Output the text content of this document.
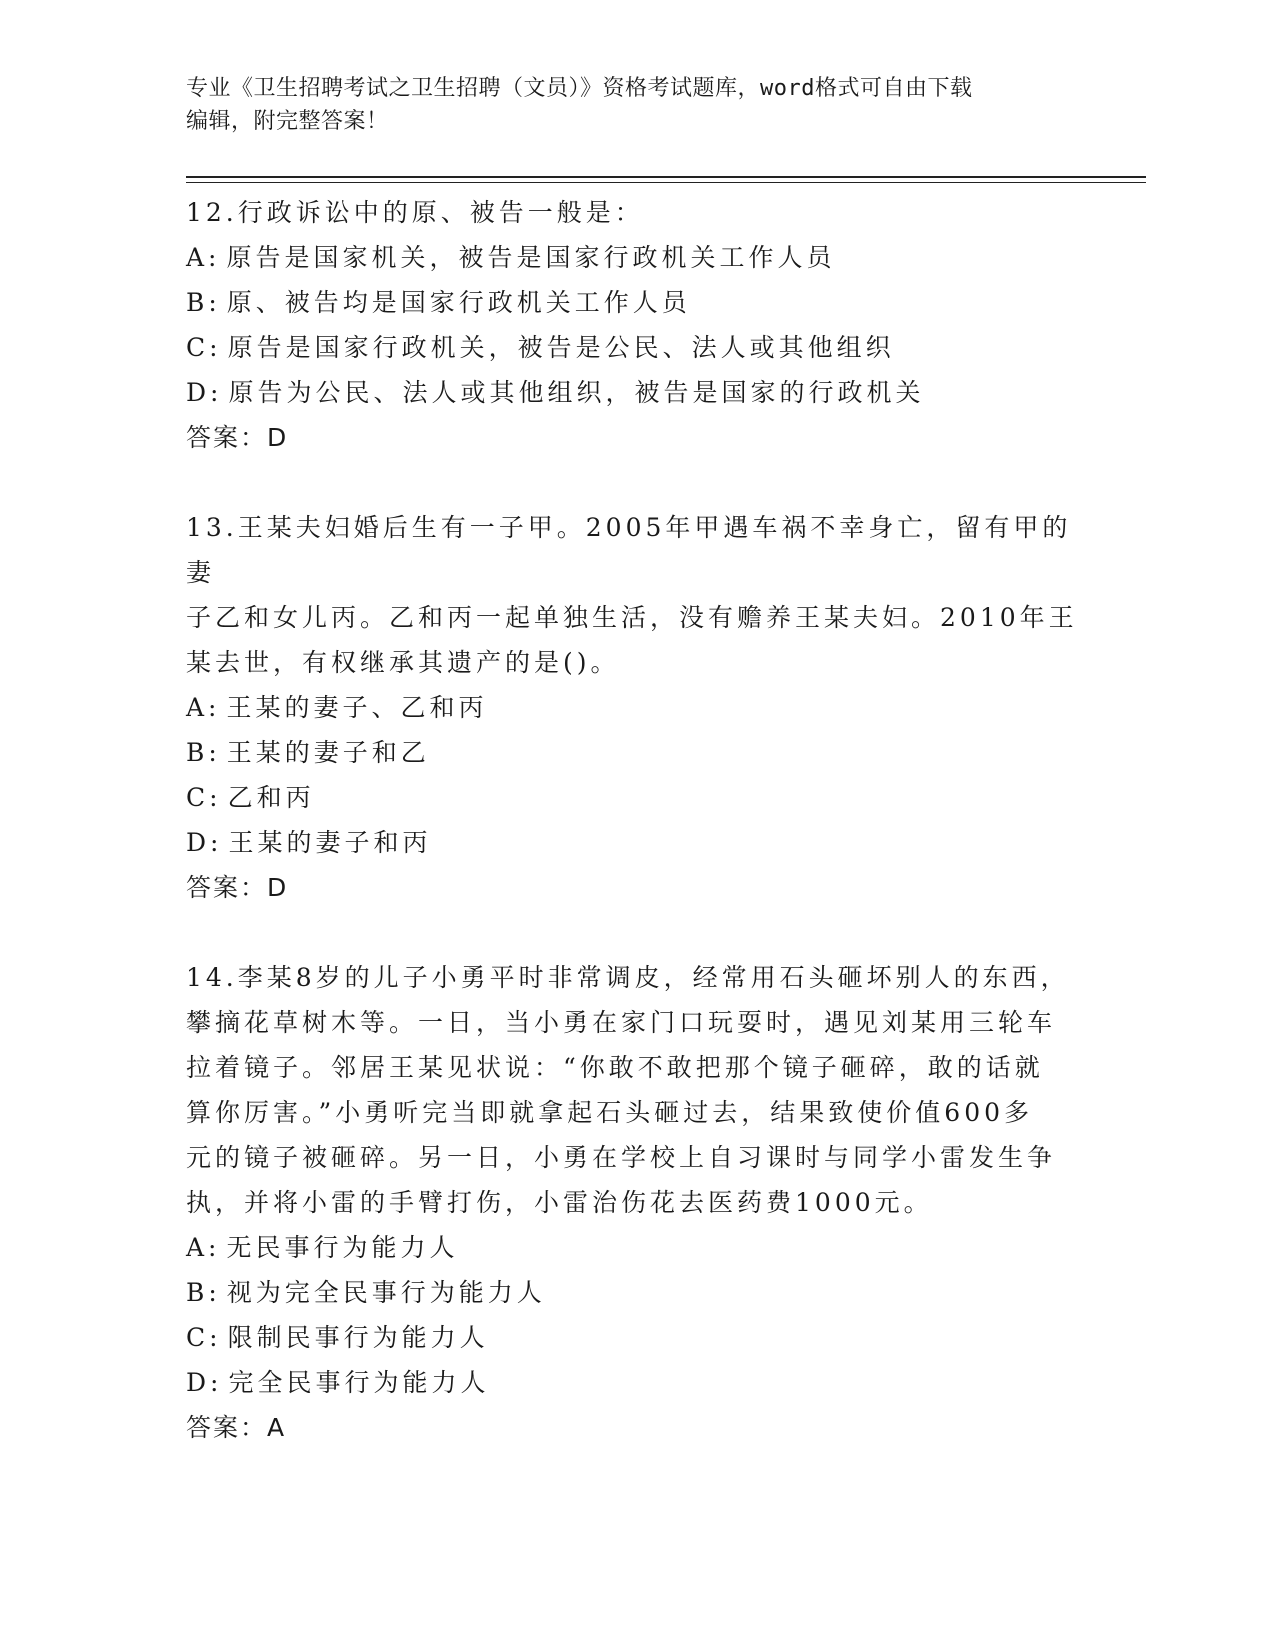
专业《卫生招聘考试之卫生招聘（文员）》资格考试题库，word格式可自由下载
编辑，附完整答案！

12.行政诉讼中的原、被告一般是：

A: 原告是国家机关，被告是国家行政机关工作人员

B: 原、被告均是国家行政机关工作人员

C: 原告是国家行政机关，被告是公民、法人或其他组织

D: 原告为公民、法人或其他组织，被告是国家的行政机关

答案：D

13.王某夫妇婚后生有一子甲。2005年甲遇车祸不幸身亡，留有甲的妻

子乙和女儿丙。乙和丙一起单独生活，没有赡养王某夫妇。2010年王

某去世，有权继承其遗产的是()。

A: 王某的妻子、乙和丙

B: 王某的妻子和乙

C: 乙和丙

D: 王某的妻子和丙

答案：D

14.李某8岁的儿子小勇平时非常调皮，经常用石头砸坏别人的东西，

攀摘花草树木等。一日，当小勇在家门口玩耍时，遇见刘某用三轮车

拉着镜子。邻居王某见状说：“你敢不敢把那个镜子砸碎，敢的话就

算你厉害。”小勇听完当即就拿起石头砸过去，结果致使价值600多

元的镜子被砸碎。另一日，小勇在学校上自习课时与同学小雷发生争

执，并将小雷的手臂打伤，小雷治伤花去医药费1000元。

A: 无民事行为能力人

B: 视为完全民事行为能力人

C: 限制民事行为能力人

D: 完全民事行为能力人

答案：A
